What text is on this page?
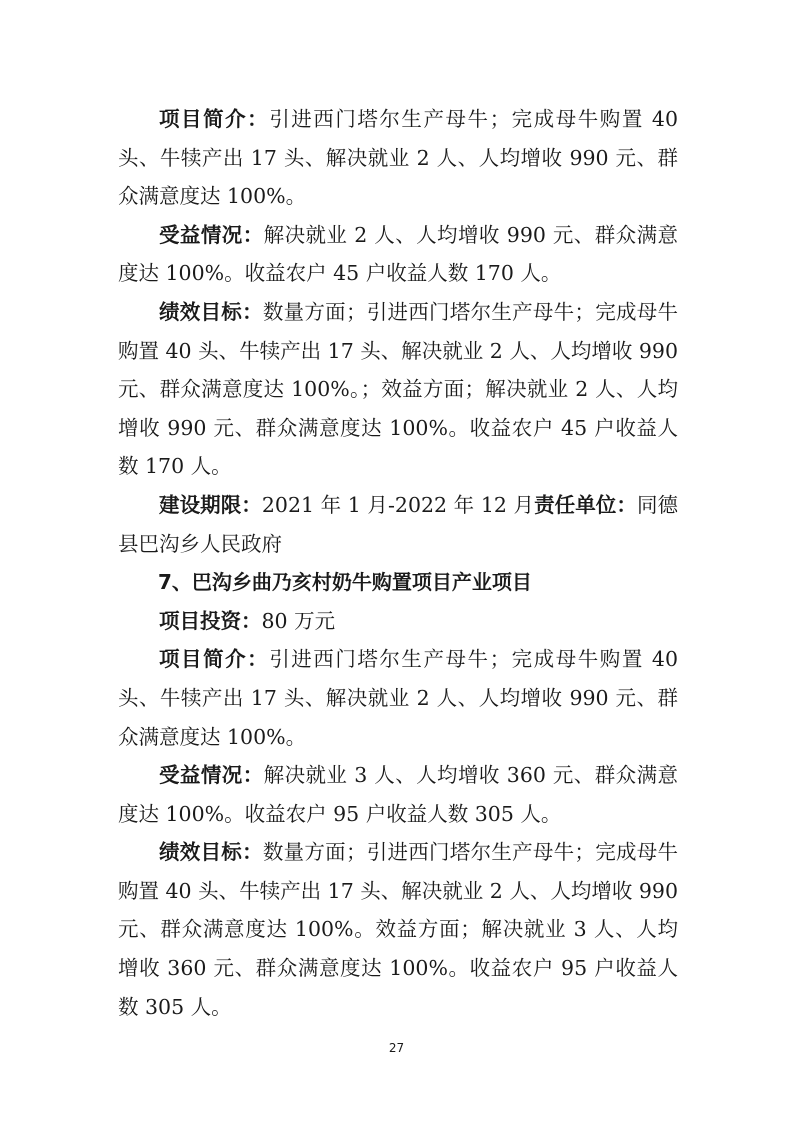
项目简介：引进西门塔尔生产母牛；完成母牛购置 40 头、牛犊产出 17 头、解决就业 2 人、人均增收 990 元、群众满意度达 100%。

受益情况：解决就业 2 人、人均增收 990 元、群众满意度达 100%。收益农户 45 户收益人数 170 人。

绩效目标：数量方面；引进西门塔尔生产母牛；完成母牛购置 40 头、牛犊产出 17 头、解决就业 2 人、人均增收 990 元、群众满意度达 100%。；效益方面；解决就业 2 人、人均增收 990 元、群众满意度达 100%。收益农户 45 户收益人数 170 人。

建设期限：2021 年 1 月-2022 年 12 月责任单位：同德县巴沟乡人民政府

7、巴沟乡曲乃亥村奶牛购置项目产业项目

项目投资：80 万元

项目简介：引进西门塔尔生产母牛；完成母牛购置 40 头、牛犊产出 17 头、解决就业 2 人、人均增收 990 元、群众满意度达 100%。

受益情况：解决就业 3 人、人均增收 360 元、群众满意度达 100%。收益农户 95 户收益人数 305 人。

绩效目标：数量方面；引进西门塔尔生产母牛；完成母牛购置 40 头、牛犊产出 17 头、解决就业 2 人、人均增收 990 元、群众满意度达 100%。效益方面；解决就业 3 人、人均增收 360 元、群众满意度达 100%。收益农户 95 户收益人数 305 人。

27
